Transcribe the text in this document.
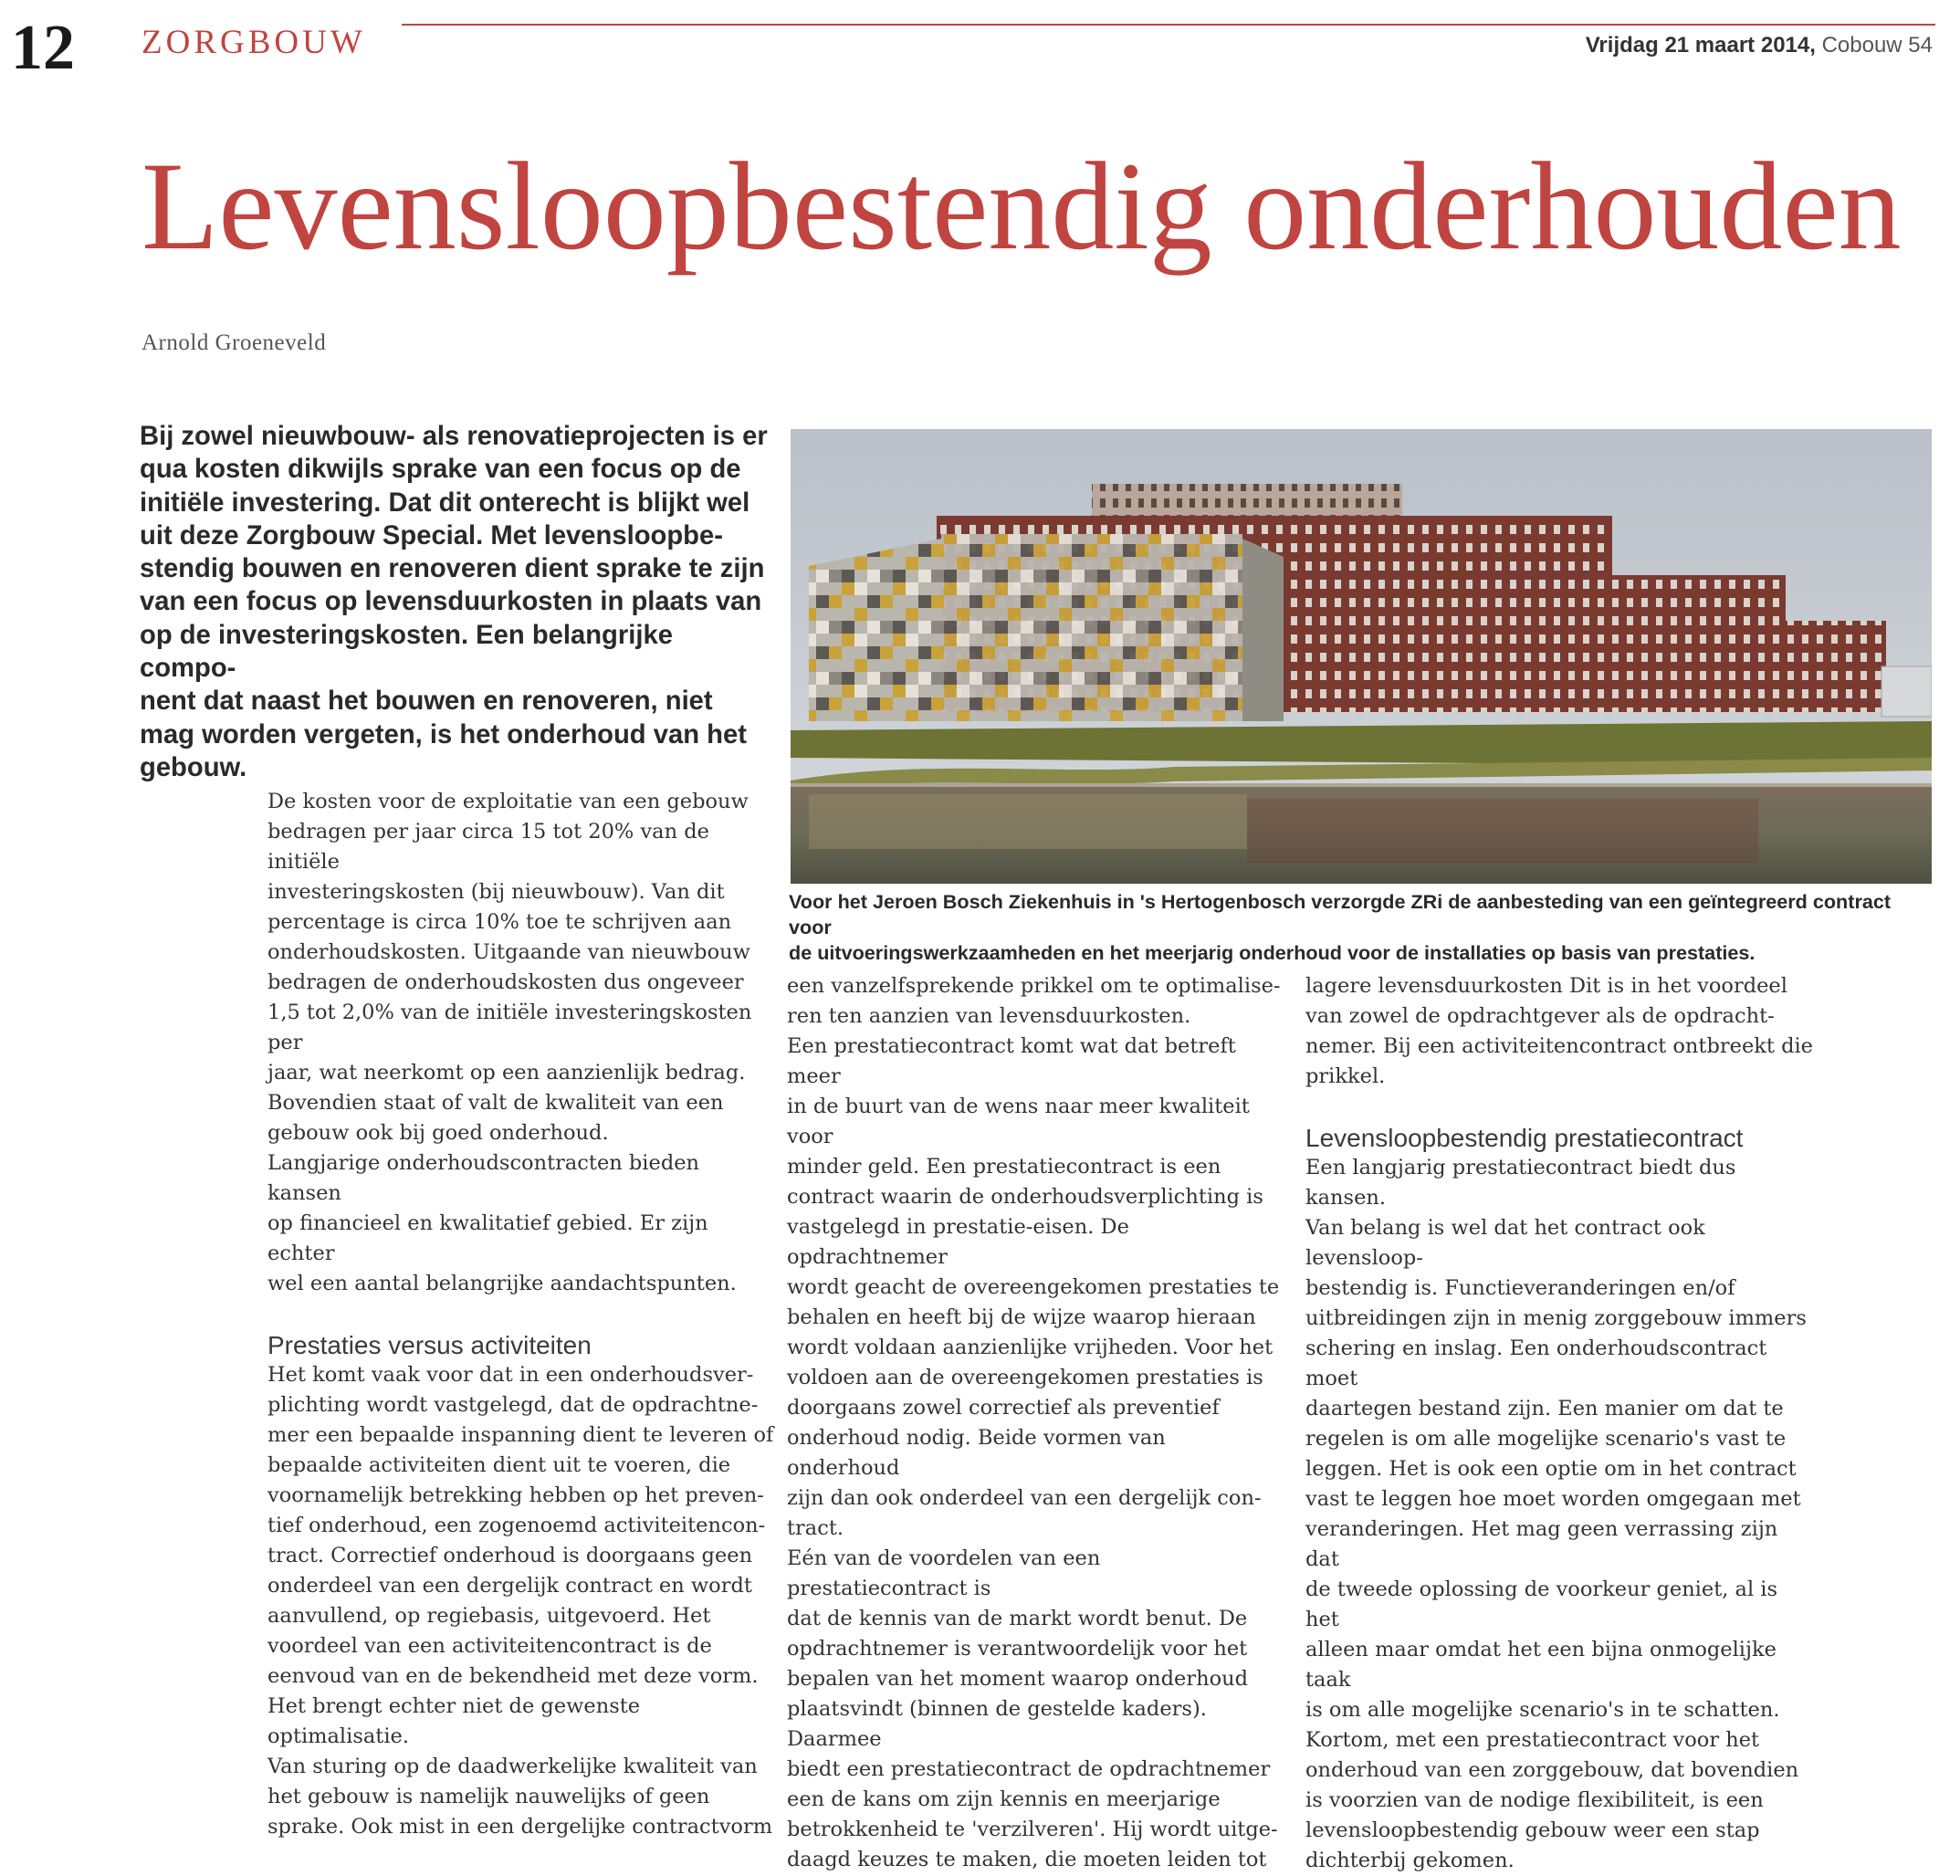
12 ZORGBOUW	Vrijdag 21 maart 2014, Cobouw 54
Levensloopbestendig onderhouden
Arnold Groeneveld

Bij zowel nieuwbouw- als renovatieprojecten is er

qua kosten dikwijls sprake van een focus op de

initiële investering. Dat dit onterecht is blijkt wel

uit deze Zorgbouw Special. Met levensloopbe-

stendig bouwen en renoveren dient sprake te zijn

van een focus op levensduurkosten in plaats van

op de investeringskosten. Een belangrijke compo-

nent dat naast het bouwen en renoveren, niet

mag worden vergeten, is het onderhoud van het

gebouw.

Voor het Jeroen Bosch Ziekenhuis in 's Hertogenbosch verzorgde ZRi de aanbesteding van een geïntegreerd contract voor

de uitvoeringswerkzaamheden en het meerjarig onderhoud voor de installaties op basis van prestaties.

De kosten voor de exploitatie van een gebouw

bedragen per jaar circa 15 tot 20% van de initiële

investeringskosten (bij nieuwbouw). Van dit

percentage is circa 10% toe te schrijven aan

onderhoudskosten. Uitgaande van nieuwbouw

bedragen de onderhoudskosten dus ongeveer

1,5 tot 2,0% van de initiële investeringskosten per

jaar, wat neerkomt op een aanzienlijk bedrag.

Bovendien staat of valt de kwaliteit van een

gebouw ook bij goed onderhoud.

Langjarige onderhoudscontracten bieden kansen

op financieel en kwalitatief gebied. Er zijn echter

wel een aantal belangrijke aandachtspunten.

Prestaties versus activiteiten

Het komt vaak voor dat in een onderhoudsver-

plichting wordt vastgelegd, dat de opdrachtne-

mer een bepaalde inspanning dient te leveren of

bepaalde activiteiten dient uit te voeren, die

voornamelijk betrekking hebben op het preven-

tief onderhoud, een zogenoemd activiteitencon-

tract. Correctief onderhoud is doorgaans geen

onderdeel van een dergelijk contract en wordt

aanvullend, op regiebasis, uitgevoerd. Het

voordeel van een activiteitencontract is de

eenvoud van en de bekendheid met deze vorm.

Het brengt echter niet de gewenste optimalisatie.

Van sturing op de daadwerkelijke kwaliteit van

het gebouw is namelijk nauwelijks of geen

sprake. Ook mist in een dergelijke contractvorm

een vanzelfsprekende prikkel om te optimalise-

ren ten aanzien van levensduurkosten.

Een prestatiecontract komt wat dat betreft meer

in de buurt van de wens naar meer kwaliteit voor

minder geld. Een prestatiecontract is een

contract waarin de onderhoudsverplichting is

vastgelegd in prestatie-eisen. De opdrachtnemer

wordt geacht de overeengekomen prestaties te

behalen en heeft bij de wijze waarop hieraan

wordt voldaan aanzienlijke vrijheden. Voor het

voldoen aan de overeengekomen prestaties is

doorgaans zowel correctief als preventief

onderhoud nodig. Beide vormen van onderhoud

zijn dan ook onderdeel van een dergelijk con-

tract.

Eén van de voordelen van een prestatiecontract is

dat de kennis van de markt wordt benut. De

opdrachtnemer is verantwoordelijk voor het

bepalen van het moment waarop onderhoud

plaatsvindt (binnen de gestelde kaders). Daarmee

biedt een prestatiecontract de opdrachtnemer

een de kans om zijn kennis en meerjarige

betrokkenheid te 'verzilveren'. Hij wordt uitge-

daagd keuzes te maken, die moeten leiden tot

lagere levensduurkosten Dit is in het voordeel

van zowel de opdrachtgever als de opdracht-

nemer. Bij een activiteitencontract ontbreekt die

prikkel.

Levensloopbestendig prestatiecontract

Een langjarig prestatiecontract biedt dus kansen.

Van belang is wel dat het contract ook levensloop-

bestendig is. Functieveranderingen en/of

uitbreidingen zijn in menig zorggebouw immers

schering en inslag. Een onderhoudscontract moet

daartegen bestand zijn. Een manier om dat te

regelen is om alle mogelijke scenario's vast te

leggen. Het is ook een optie om in het contract

vast te leggen hoe moet worden omgegaan met

veranderingen. Het mag geen verrassing zijn dat

de tweede oplossing de voorkeur geniet, al is het

alleen maar omdat het een bijna onmogelijke taak

is om alle mogelijke scenario's in te schatten.

Kortom, met een prestatiecontract voor het

onderhoud van een zorggebouw, dat bovendien

is voorzien van de nodige flexibiliteit, is een

levensloopbestendig gebouw weer een stap

dichterbij gekomen.
